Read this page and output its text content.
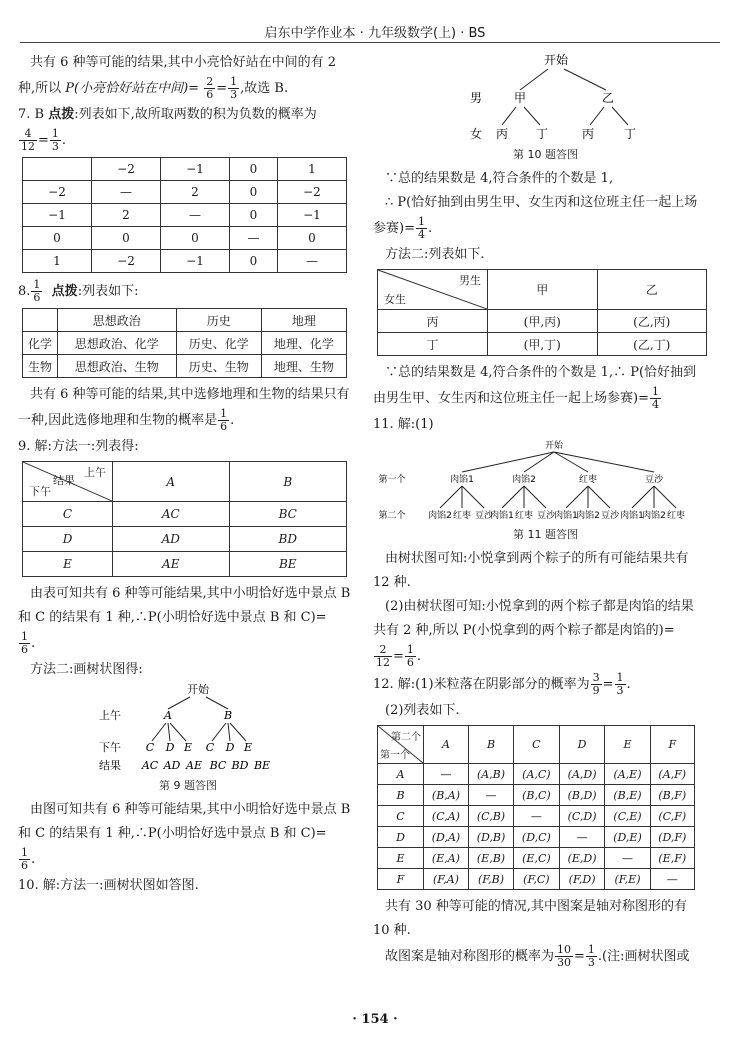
启东中学作业本 · 九年级数学(上) · BS
共有 6 种等可能的结果,其中小亮恰好站在中间的有 2
种,所以 P(小亮恰好站在中间)= $\frac{2}{6} = \frac{1}{3}$ ,故选 B.
7. B 点拨:列表如下,故所取两数的积为负数的概率为
$\frac{4}{12} = \frac{1}{3}$ .
	−2	−1	0	1
−2	—	2	0	−2
−1	2	—	0	−1
0	0	0	—	0
1	−2	−1	0	—
8. $\frac{1}{6}$ 点拨:列表如下:
	思想政治	历史	地理
化学	思想政治、化学	历史、化学	地理、化学
生物	思想政治、生物	历史、生物	地理、生物
共有 6 种等可能的结果,其中选修地理和生物的结果只有
一种,因此选修地理和生物的概率是 $\frac{1}{6}$ .
9. 解:方法一:列表得:
上午
结果
下午	A	B
C	AC	BC
D	AD	BD
E	AE	BE
由表可知共有 6 种等可能结果,其中小明恰好选中景点 B
和 C 的结果有 1 种,∴P(小明恰好选中景点 B 和 C)=
$\frac{1}{6}$ .
方法二:画树状图得:
开始
上午
下午
结果
A	B
C D E C D E
AC AD AE BC BD BE
第 9 题答图
由图可知共有 6 种等可能结果,其中小明恰好选中景点 B
和 C 的结果有 1 种,∴P(小明恰好选中景点 B 和 C)=
$\frac{1}{6}$ .
10. 解:方法一:画树状图如答图.
开始
男
女
甲	乙
丙 丁	丙 丁
第 10 题答图
∵总的结果数是 4,符合条件的个数是 1,
∴ P(恰好抽到由男生甲、女生丙和这位班主任一起上场
参赛)= $\frac{1}{4}$ .
方法二:列表如下.
男生
女生	甲	乙
丙	(甲,丙)	(乙,丙)
丁	(甲,丁)	(乙,丁)
∵总的结果数是 4,符合条件的个数是 1,∴ P(恰好抽到
由男生甲、女生丙和这位班主任一起上场参赛)= $\frac{1}{4}$
11. 解:(1)
开始
第一个
第二个
肉馅1	肉馅2	红枣	豆沙
肉馅2 红枣 豆沙
肉馅1 红枣 豆沙 肉馅1
肉馅2 豆沙 肉馅1
肉馅2 红枣
第 11 题答图
由树状图可知:小悦拿到两个粽子的所有可能结果共有
12 种.
(2)由树状图可知:小悦拿到的两个粽子都是肉馅的结果
共有 2 种,所以 P(小悦拿到的两个粽子都是肉馅的)=
$\frac{2}{12} = \frac{1}{6}$ .
12. 解:(1)米粒落在阴影部分的概率为 $\frac{3}{9} = \frac{1}{3}$ .
(2)列表如下.
第二个
第一个	A	B	C	D	E	F
A	—	(A,B)	(A,C)	(A,D)	(A,E)	(A,F)
B	(B,A)	—	(B,C)	(B,D)	(B,E)	(B,F)
C	(C,A)	(C,B)	—	(C,D)	(C,E)	(C,F)
D	(D,A)	(D,B)	(D,C)	—	(D,E)	(D,F)
E	(E,A)	(E,B)	(E,C)	(E,D)	—	(E,F)
F	(F,A)	(F,B)	(F,C)	(F,D)	(F,E)	—
共有 30 种等可能的情况,其中图案是轴对称图形的有
10 种.
故图案是轴对称图形的概率为 $\frac{10}{30} = \frac{1}{3}$ .(注:画树状图或
· 154 ·
